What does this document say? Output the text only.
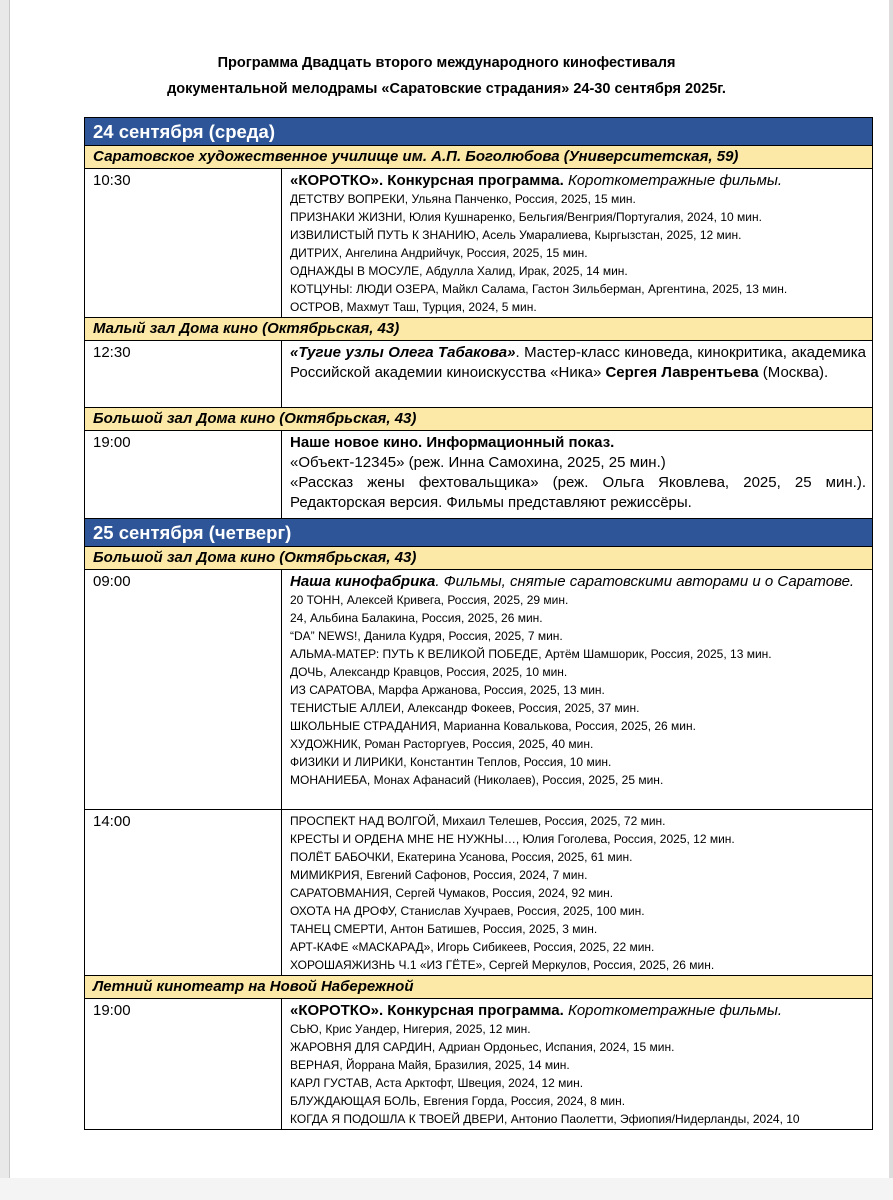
Программа Двадцать второго международного кинофестиваля
документальной мелодрамы «Саратовские страдания» 24-30 сентября 2025г.
24 сентября (среда)
Саратовское художественное училище им. А.П. Боголюбова (Университетская, 59)
10:30	«КОРОТКО». Конкурсная программа. Короткометражные фильмы.
ДЕТСТВУ ВОПРЕКИ, Ульяна Панченко, Россия, 2025, 15 мин.
ПРИЗНАКИ ЖИЗНИ, Юлия Кушнаренко, Бельгия/Венгрия/Португалия, 2024, 10 мин.
ИЗВИЛИСТЫЙ ПУТЬ К ЗНАНИЮ, Асель Умаралиева, Кыргызстан, 2025, 12 мин.
ДИТРИХ, Ангелина Андрийчук, Россия, 2025, 15 мин.
ОДНАЖДЫ В МОСУЛЕ, Абдулла Халид, Ирак, 2025, 14 мин.
КОТЦУНЫ: ЛЮДИ ОЗЕРА, Майкл Салама, Гастон Зильберман, Аргентина, 2025, 13 мин.
ОСТРОВ, Махмут Таш, Турция, 2024, 5 мин.
Малый зал Дома кино (Октябрьская, 43)
12:30	«Тугие узлы Олега Табакова». Мастер-класс киноведа, кинокритика, академика Российской академии киноискусства «Ника» Сергея Лаврентьева (Москва).
Большой зал Дома кино (Октябрьская, 43)
19:00	Наше новое кино. Информационный показ.
«Объект-12345» (реж. Инна Самохина, 2025, 25 мин.)
«Рассказ жены фехтовальщика» (реж. Ольга Яковлева, 2025, 25 мин.). Редакторская версия. Фильмы представляют режиссёры.
25 сентября (четверг)
Большой зал Дома кино (Октябрьская, 43)
09:00	Наша кинофабрика. Фильмы, снятые саратовскими авторами и о Саратове.
20 ТОНН, Алексей Кривега, Россия, 2025, 29 мин.
24, Альбина Балакина, Россия, 2025, 26 мин.
“DA” NEWS!, Данила Кудря, Россия, 2025, 7 мин.
АЛЬМА-МАТЕР: ПУТЬ К ВЕЛИКОЙ ПОБЕДЕ, Артём Шамшорик, Россия, 2025, 13 мин.
ДОЧЬ, Александр Кравцов, Россия, 2025, 10 мин.
ИЗ САРАТОВА, Марфа Аржанова, Россия, 2025, 13 мин.
ТЕНИСТЫЕ АЛЛЕИ, Александр Фокеев, Россия, 2025, 37 мин.
ШКОЛЬНЫЕ СТРАДАНИЯ, Марианна Ковалькова, Россия, 2025, 26 мин.
ХУДОЖНИК, Роман Расторгуев, Россия, 2025, 40 мин.
ФИЗИКИ И ЛИРИКИ, Константин Теплов, Россия, 10 мин.
МОНАНИЕБА, Монах Афанасий (Николаев), Россия, 2025, 25 мин.
14:00	ПРОСПЕКТ НАД ВОЛГОЙ, Михаил Телешев, Россия, 2025, 72 мин.
КРЕСТЫ И ОРДЕНА МНЕ НЕ НУЖНЫ…, Юлия Гоголева, Россия, 2025, 12 мин.
ПОЛЁТ БАБОЧКИ, Екатерина Усанова, Россия, 2025, 61 мин.
МИМИКРИЯ, Евгений Сафонов, Россия, 2024, 7 мин.
САРАТОВМАНИЯ, Сергей Чумаков, Россия, 2024, 92 мин.
ОХОТА НА ДРОФУ, Станислав Хучраев, Россия, 2025, 100 мин.
ТАНЕЦ СМЕРТИ, Антон Батишев, Россия, 2025, 3 мин.
АРТ-КАФЕ «МАСКАРАД», Игорь Сибикеев, Россия, 2025, 22 мин.
ХОРОШАЯЖИЗНЬ Ч.1 «ИЗ ГЁТЕ», Сергей Меркулов, Россия, 2025, 26 мин.
Летний кинотеатр на Новой Набережной
19:00	«КОРОТКО». Конкурсная программа. Короткометражные фильмы.
СЬЮ, Крис Уандер, Нигерия, 2025, 12 мин.
ЖАРОВНЯ ДЛЯ САРДИН, Адриан Ордоньес, Испания, 2024, 15 мин.
ВЕРНАЯ, Йоррана Майя, Бразилия, 2025, 14 мин.
КАРЛ ГУСТАВ, Аста Арктофт, Швеция, 2024, 12 мин.
БЛУЖДАЮЩАЯ БОЛЬ, Евгения Горда, Россия, 2024, 8 мин.
КОГДА Я ПОДОШЛА К ТВОЕЙ ДВЕРИ, Антонио Паолетти, Эфиопия/Нидерланды, 2024, 10
